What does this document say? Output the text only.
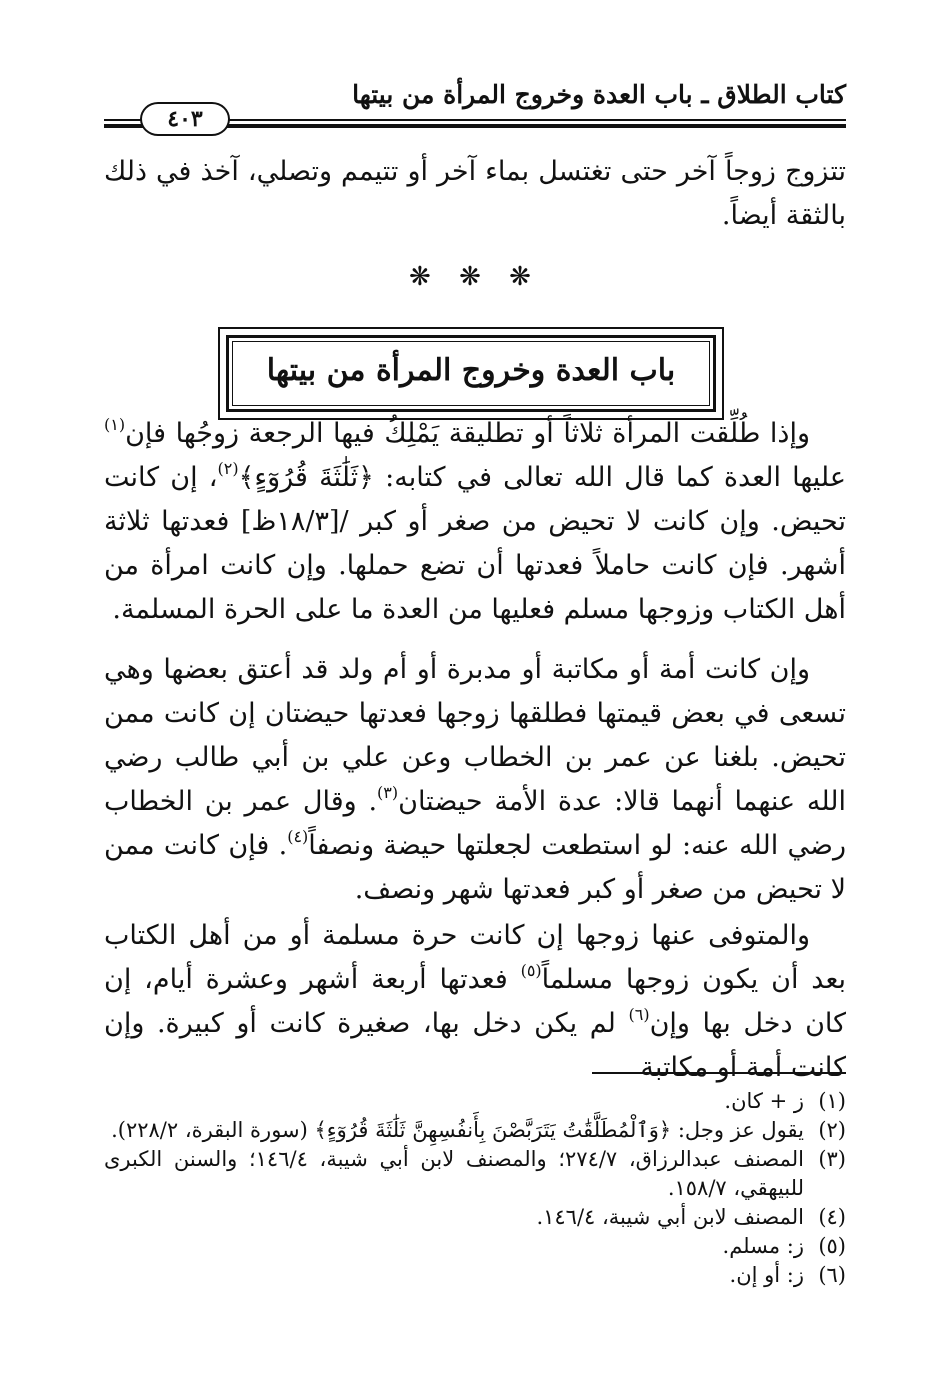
كتاب الطلاق ـ باب العدة وخروج المرأة من بيتها
٤٠٣

تتزوج زوجاً آخر حتى تغتسل بماء آخر أو تتيمم وتصلي، آخذ في ذلك بالثقة أيضاً.

❋ ❋ ❋
باب العدة وخروج المرأة من بيتها

وإذا طُلِّقت المرأة ثلاثاً أو تطليقة يَمْلِكُ فيها الرجعة زوجُها فإن$^{(١)}$ عليها العدة كما قال الله تعالى في كتابه: ﴿ثَلَٰثَةَ قُرُوٓءٍ﴾$^{(٢)}$، إن كانت تحيض. وإن كانت لا تحيض من صغر أو كبر /[١٨/٣ظ] فعدتها ثلاثة أشهر. فإن كانت حاملاً فعدتها أن تضع حملها. وإن كانت امرأة من أهل الكتاب وزوجها مسلم فعليها من العدة ما على الحرة المسلمة.

وإن كانت أمة أو مكاتبة أو مدبرة أو أم ولد قد أعتق بعضها وهي تسعى في بعض قيمتها فطلقها زوجها فعدتها حيضتان إن كانت ممن تحيض. بلغنا عن عمر بن الخطاب وعن علي بن أبي طالب رضي الله عنهما أنهما قالا: عدة الأمة حيضتان$^{(٣)}$. وقال عمر بن الخطاب رضي الله عنه: لو استطعت لجعلتها حيضة ونصفاً$^{(٤)}$. فإن كانت ممن لا تحيض من صغر أو كبر فعدتها شهر ونصف.

والمتوفى عنها زوجها إن كانت حرة مسلمة أو من أهل الكتاب بعد أن يكون زوجها مسلماً$^{(٥)}$ فعدتها أربعة أشهر وعشرة أيام، إن كان دخل بها وإن$^{(٦)}$ لم يكن دخل بها، صغيرة كانت أو كبيرة. وإن كانت أمة أو مكاتبة

(١)
ز + كان.
(٢)
يقول عز وجل: ﴿وَٱلْمُطَلَّقَٰتُ يَتَرَبَّصْنَ بِأَنفُسِهِنَّ ثَلَٰثَةَ قُرُوٓءٍ﴾ (سورة البقرة، ٢٢٨/٢).
(٣)
المصنف عبدالرزاق، ٢٧٤/٧؛ والمصنف لابن أبي شيبة، ١٤٦/٤؛ والسنن الكبرى للبيهقي، ١٥٨/٧.
(٤)
المصنف لابن أبي شيبة، ١٤٦/٤.
(٥)
ز: مسلم.
(٦)
ز: أو إن.
